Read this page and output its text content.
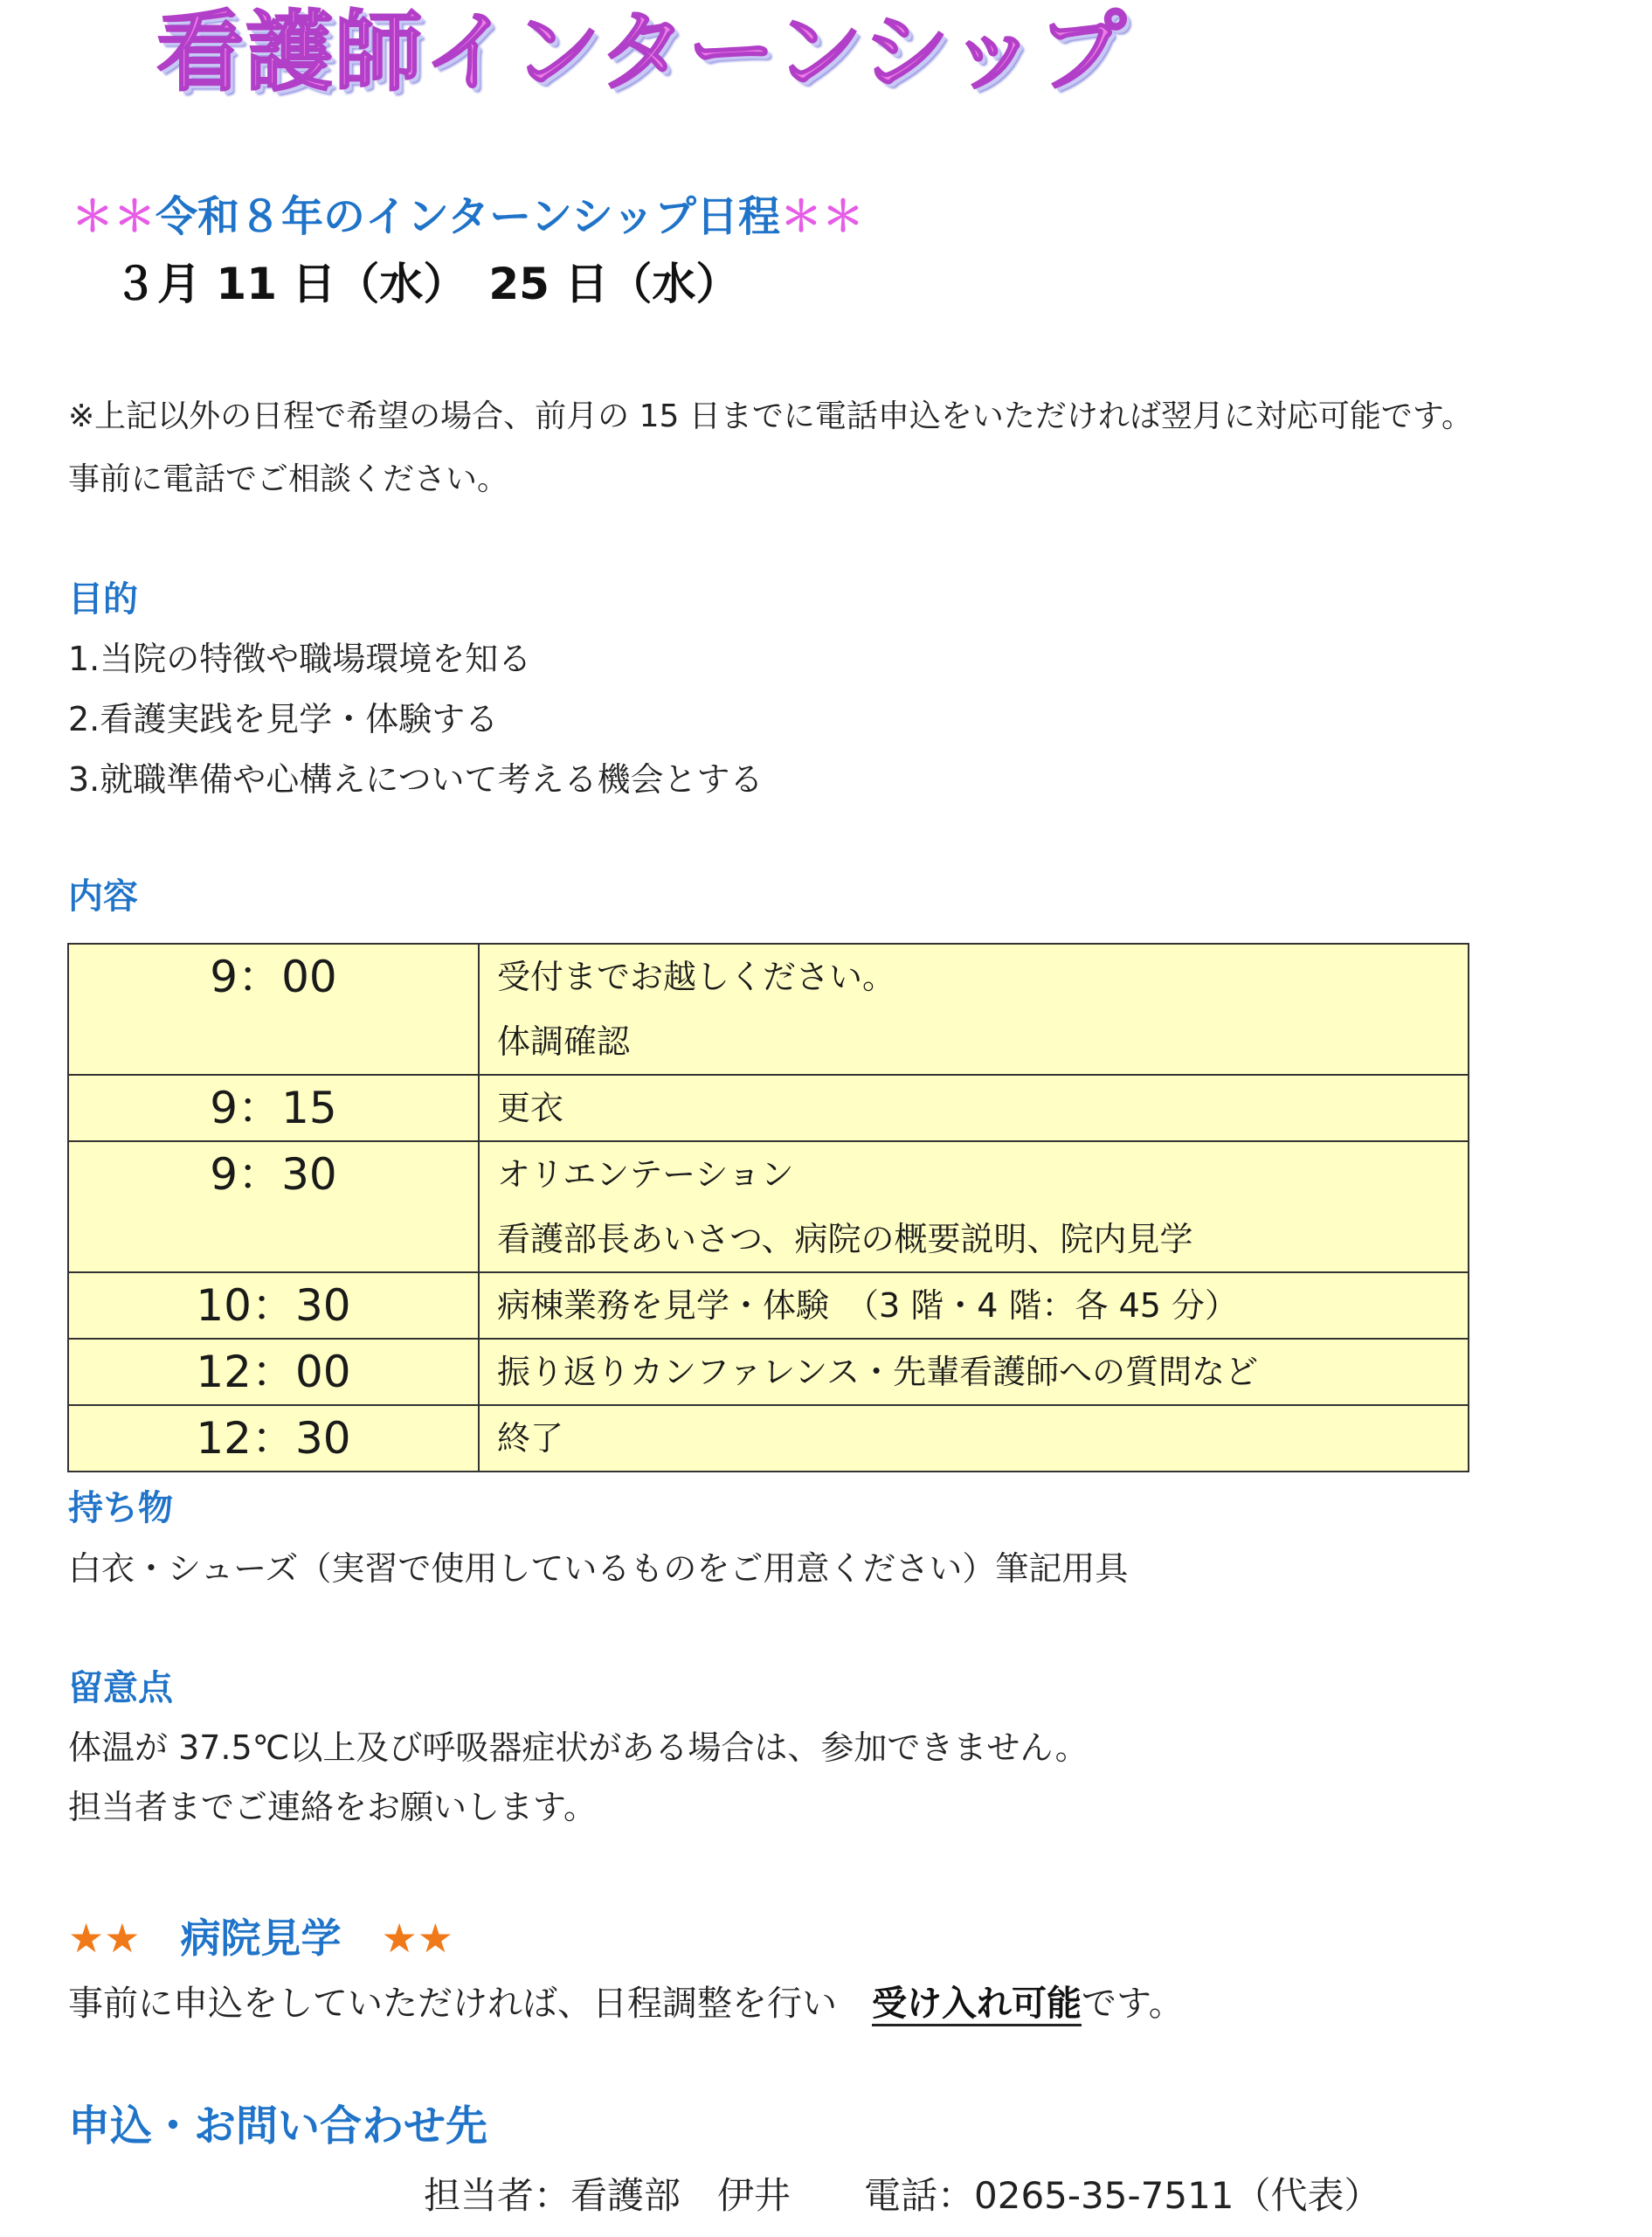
看護師インターンシップ
＊＊令和８年のインターンシップ日程＊＊
３月 11 日（水）　25 日（水）
※上記以外の日程で希望の場合、前月の 15 日までに電話申込をいただければ翌月に対応可能です。
事前に電話でご相談ください。
目的
1.当院の特徴や職場環境を知る
2.看護実践を見学・体験する
3.就職準備や心構えについて考える機会とする
内容
9：00	受付までお越しください。
体調確認

9：15	更衣

9：30	オリエンテーション
看護部長あいさつ、病院の概要説明、院内見学

10：30	病棟業務を見学・体験　（3 階・4 階：各 45 分）

12：00	振り返りカンファレンス・先輩看護師への質問など

12：30	終了
持ち物
白衣・シューズ（実習で使用しているものをご用意ください）筆記用具
留意点
体温が 37.5℃以上及び呼吸器症状がある場合は、参加できません。
担当者までご連絡をお願いします。
★★　 病院見学　 ★★
事前に申込をしていただければ、日程調整を行い　受け入れ可能です。
申込・お問い合わせ先
担当者：看護部　伊井　　電話：0265-35-7511（代表）
